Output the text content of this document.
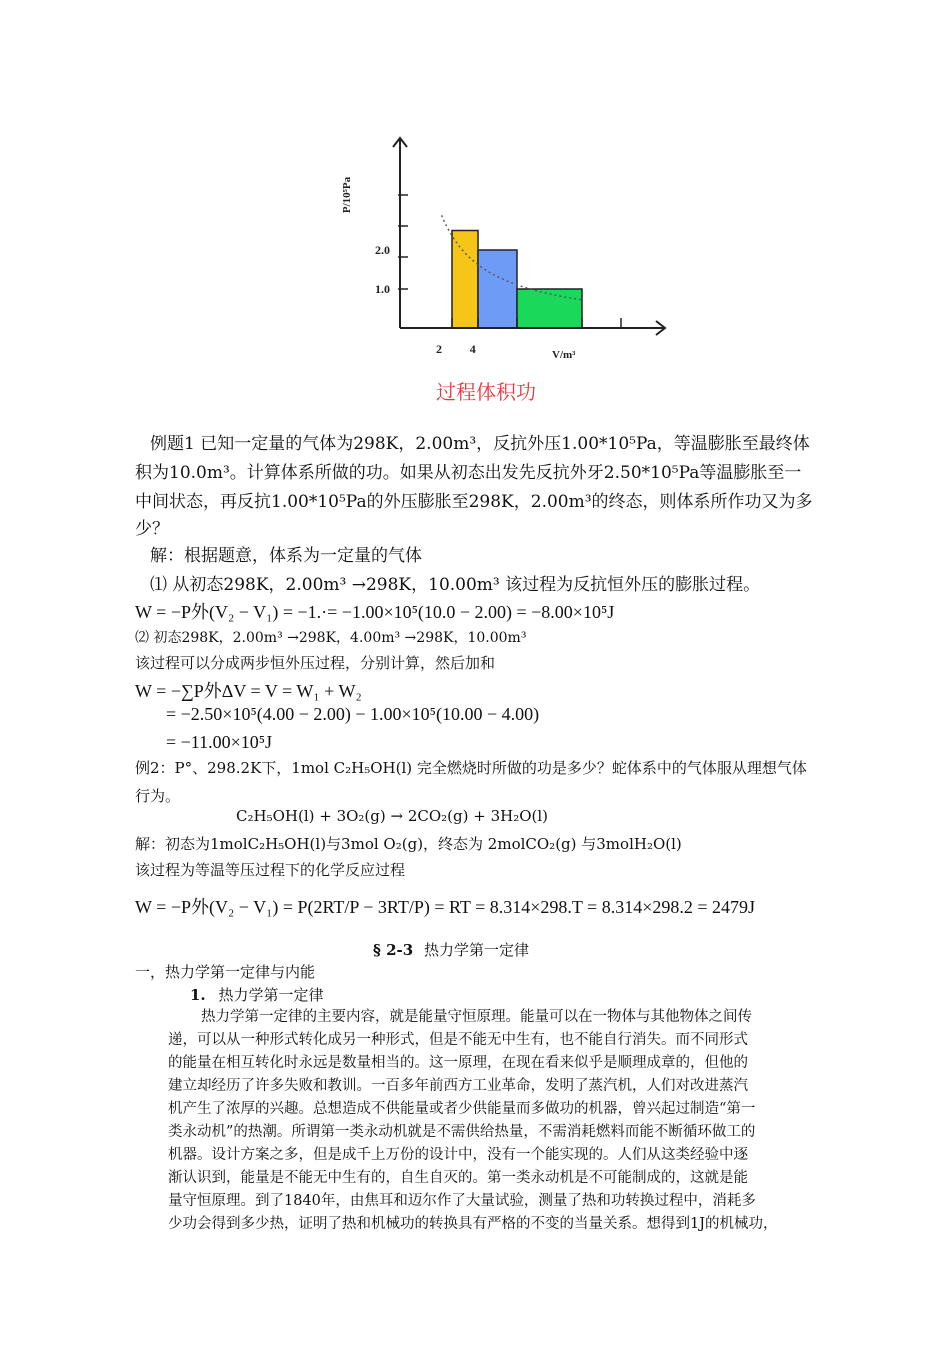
2.0
1.0
2 4	V/m³
P/10⁵Pa
过程体积功
例题1 已知一定量的气体为298K，2.00m³，反抗外压1.00*10⁵Pa，等温膨胀至最终体
积为10.0m³。计算体系所做的功。如果从初态出发先反抗外牙2.50*10⁵Pa等温膨胀至一
中间状态，再反抗1.00*10⁵Pa的外压膨胀至298K，2.00m³的终态，则体系所作功又为多
少？
解：根据题意，体系为一定量的气体
⑴ 从初态298K，2.00m³ →298K，10.00m³ 该过程为反抗恒外压的膨胀过程。
W = −P外(V₂ − V₁) = −1.·= −1.00×10⁵(10.0 − 2.00) = −8.00×10⁵J
⑵ 初态298K，2.00m³ →298K，4.00m³ →298K，10.00m³
该过程可以分成两步恒外压过程，分别计算，然后加和
W = −∑P外ΔV = V = W₁ + W₂
= −2.50×10⁵(4.00 − 2.00) − 1.00×10⁵(10.00 − 4.00)
= −11.00×10⁵J
例2：P°、298.2K下，1mol C₂H₅OH(l) 完全燃烧时所做的功是多少？蛇体系中的气体服从理想气体
行为。
C₂H₅OH(l) + 3O₂(g) → 2CO₂(g) + 3H₂O(l)
解：初态为1molC₂H₅OH(l)与3mol O₂(g)，终态为 2molCO₂(g) 与3molH₂O(l)
该过程为等温等压过程下的化学反应过程
W = −P外(V₂ − V₁) = P(2RT/P − 3RT/P) = RT = 8.314×298.T = 8.314×298.2 = 2479J
§ 2-3 热力学第一定律
一，热力学第一定律与内能
1. 热力学第一定律
热力学第一定律的主要内容，就是能量守恒原理。能量可以在一物体与其他物体之间传
递，可以从一种形式转化成另一种形式，但是不能无中生有，也不能自行消失。而不同形式
的能量在相互转化时永远是数量相当的。这一原理，在现在看来似乎是顺理成章的，但他的
建立却经历了许多失败和教训。一百多年前西方工业革命，发明了蒸汽机，人们对改进蒸汽
机产生了浓厚的兴趣。总想造成不供能量或者少供能量而多做功的机器，曾兴起过制造“第一
类永动机”的热潮。所谓第一类永动机就是不需供给热量，不需消耗燃料而能不断循环做工的
机器。设计方案之多，但是成千上万份的设计中，没有一个能实现的。人们从这类经验中逐
渐认识到，能量是不能无中生有的，自生自灭的。第一类永动机是不可能制成的，这就是能
量守恒原理。到了1840年，由焦耳和迈尔作了大量试验，测量了热和功转换过程中，消耗多
少功会得到多少热，证明了热和机械功的转换具有严格的不变的当量关系。想得到1J的机械功，
